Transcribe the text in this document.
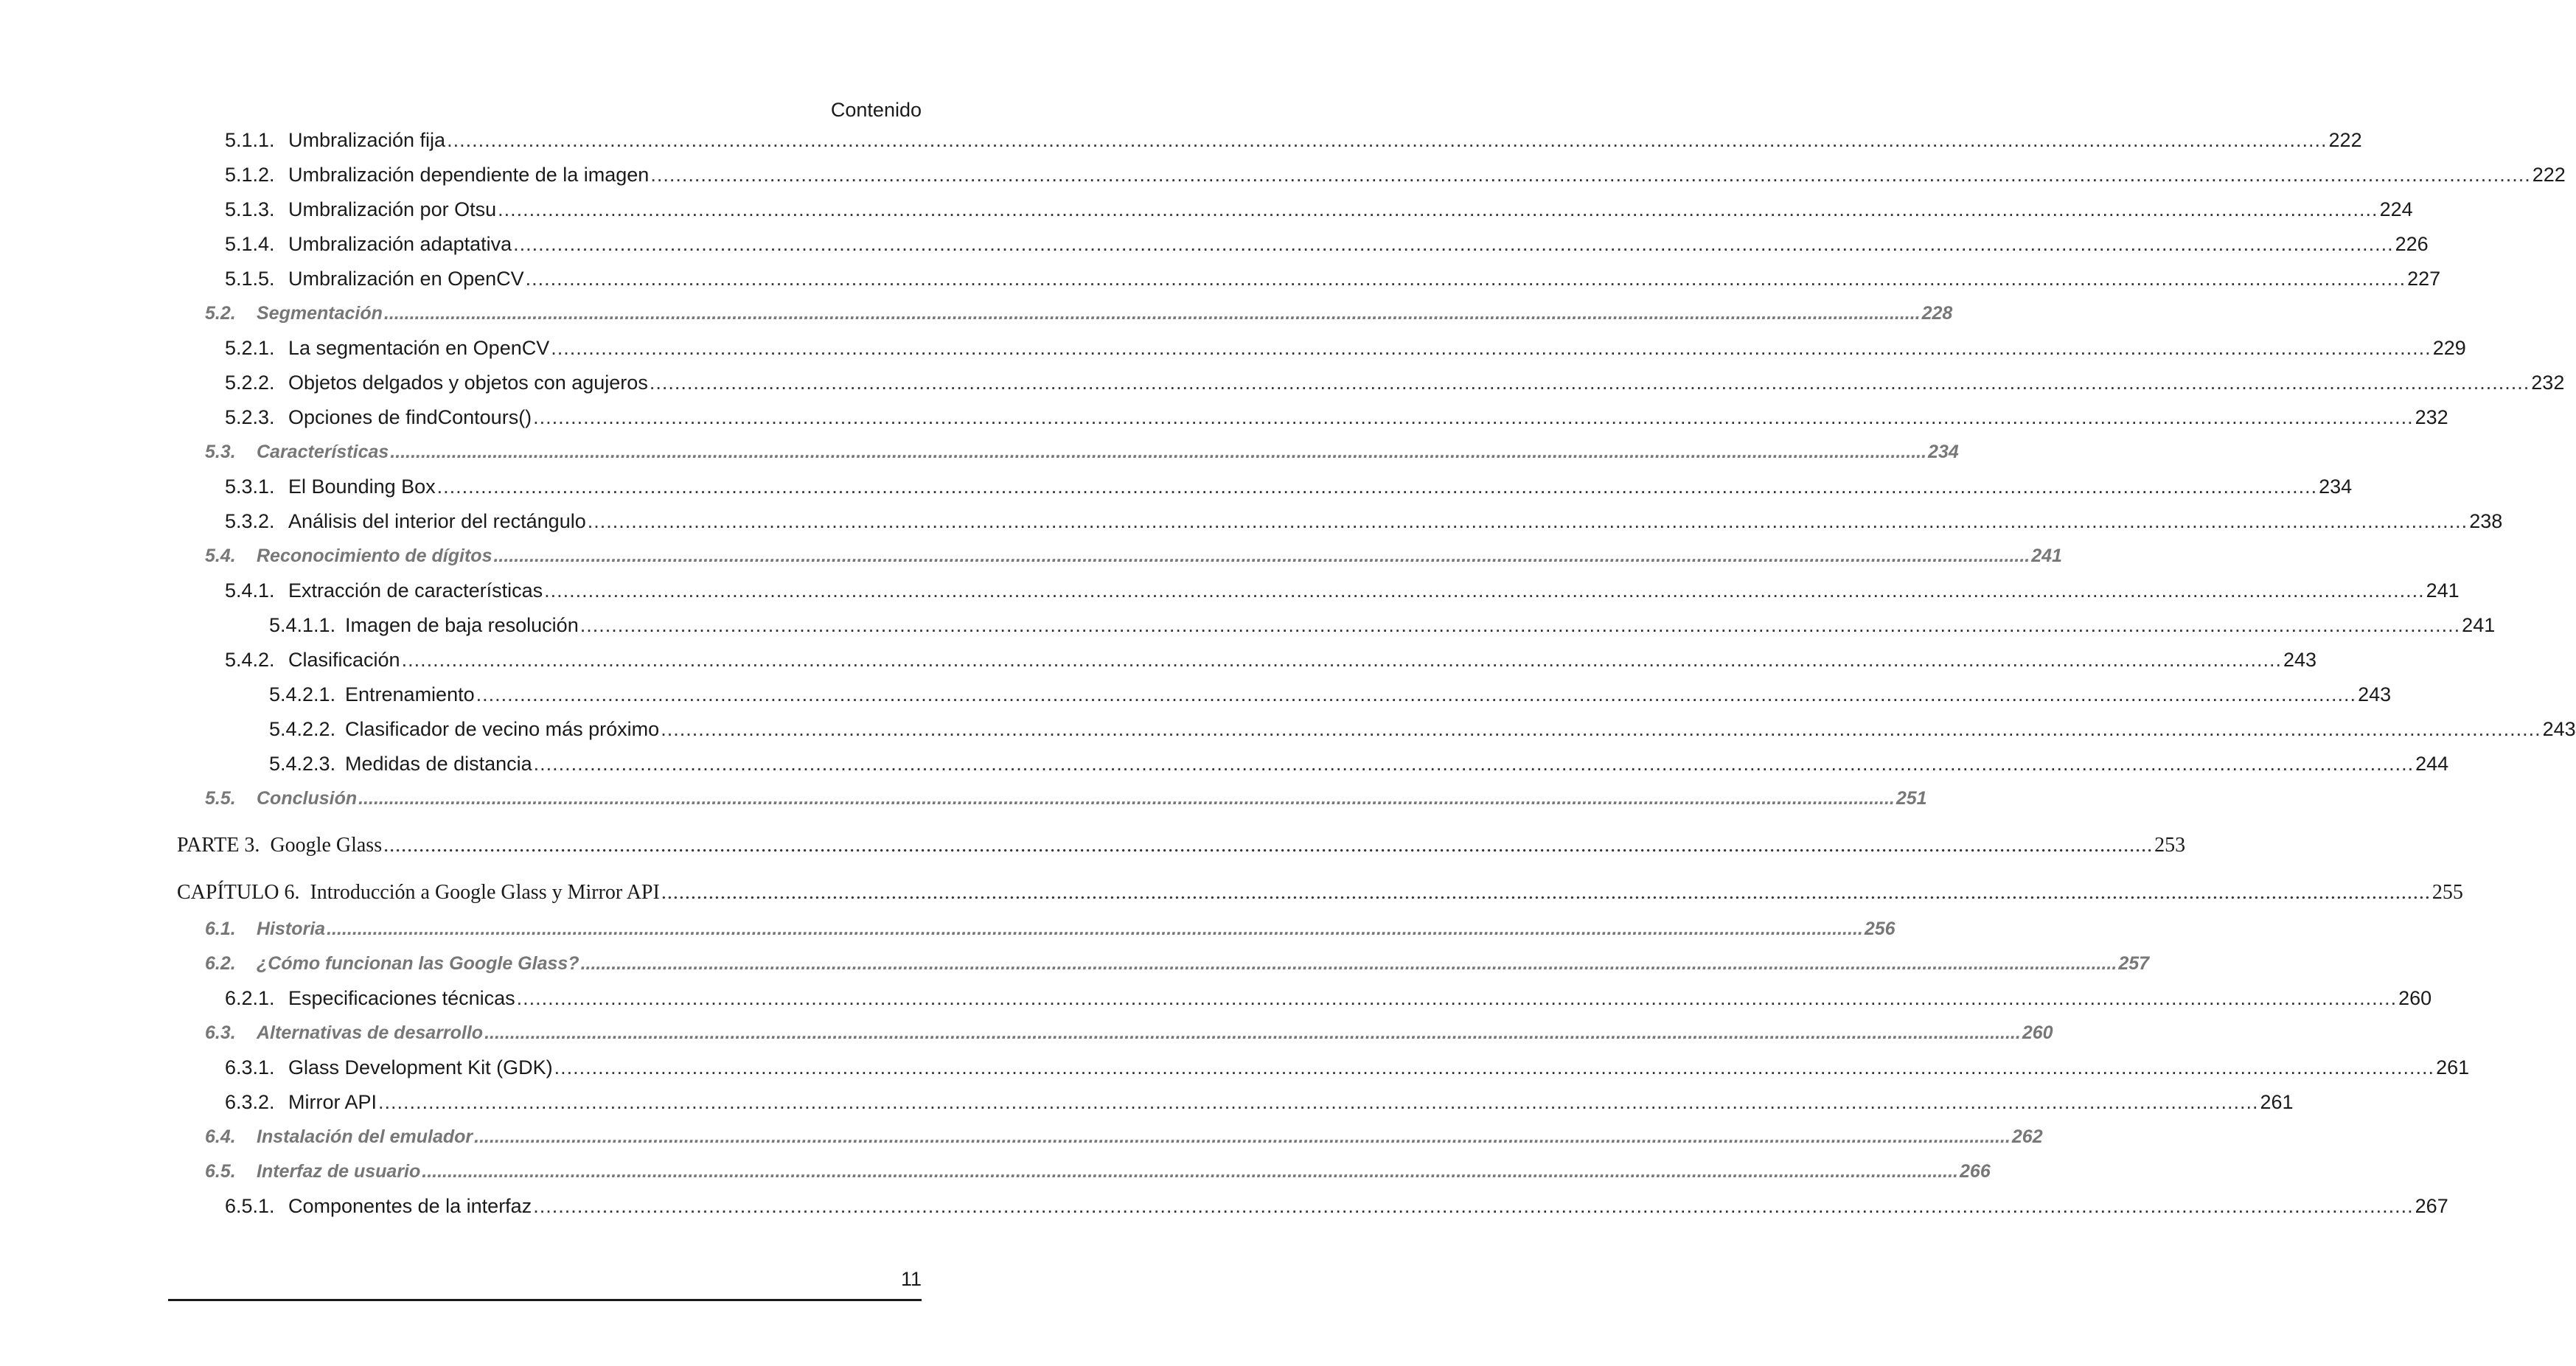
Contenido
5.1.1. Umbralización fija ............................................................................................................................................................................................................................................................................................................ 222
5.1.2. Umbralización dependiente de la imagen ............................................................................................................................................................................................................................................................................................................ 222
5.1.3. Umbralización por Otsu ............................................................................................................................................................................................................................................................................................................ 224
5.1.4. Umbralización adaptativa ............................................................................................................................................................................................................................................................................................................ 226
5.1.5. Umbralización en OpenCV ............................................................................................................................................................................................................................................................................................................ 227
5.2.	Segmentación ............................................................................................................................................................................................................................................................................................................ 228
5.2.1. La segmentación en OpenCV ............................................................................................................................................................................................................................................................................................................ 229
5.2.2. Objetos delgados y objetos con agujeros ............................................................................................................................................................................................................................................................................................................ 232
5.2.3. Opciones de findContours() ............................................................................................................................................................................................................................................................................................................ 232
5.3.	Características ............................................................................................................................................................................................................................................................................................................ 234
5.3.1. El Bounding Box ............................................................................................................................................................................................................................................................................................................ 234
5.3.2. Análisis del interior del rectángulo ............................................................................................................................................................................................................................................................................................................ 238
5.4.	Reconocimiento de dígitos ............................................................................................................................................................................................................................................................................................................ 241
5.4.1. Extracción de características ............................................................................................................................................................................................................................................................................................................ 241
5.4.1.1. Imagen de baja resolución ............................................................................................................................................................................................................................................................................................................ 241
5.4.2. Clasificación ............................................................................................................................................................................................................................................................................................................ 243
5.4.2.1. Entrenamiento ............................................................................................................................................................................................................................................................................................................ 243
5.4.2.2. Clasificador de vecino más próximo ............................................................................................................................................................................................................................................................................................................ 243
5.4.2.3. Medidas de distancia ............................................................................................................................................................................................................................................................................................................ 244
5.5.	Conclusión ............................................................................................................................................................................................................................................................................................................ 251
PARTE 3. Google Glass ............................................................................................................................................................................................................................................................................................................ 253
CAPÍTULO 6. Introducción a Google Glass y Mirror API ............................................................................................................................................................................................................................................................................................................ 255
6.1.	Historia ............................................................................................................................................................................................................................................................................................................ 256
6.2.	¿Cómo funcionan las Google Glass? ............................................................................................................................................................................................................................................................................................................ 257
6.2.1. Especificaciones técnicas ............................................................................................................................................................................................................................................................................................................ 260
6.3.	Alternativas de desarrollo ............................................................................................................................................................................................................................................................................................................ 260
6.3.1. Glass Development Kit (GDK) ............................................................................................................................................................................................................................................................................................................ 261
6.3.2. Mirror API ............................................................................................................................................................................................................................................................................................................ 261
6.4.	Instalación del emulador ............................................................................................................................................................................................................................................................................................................ 262
6.5.	Interfaz de usuario ............................................................................................................................................................................................................................................................................................................ 266
6.5.1. Componentes de la interfaz ............................................................................................................................................................................................................................................................................................................ 267
11
